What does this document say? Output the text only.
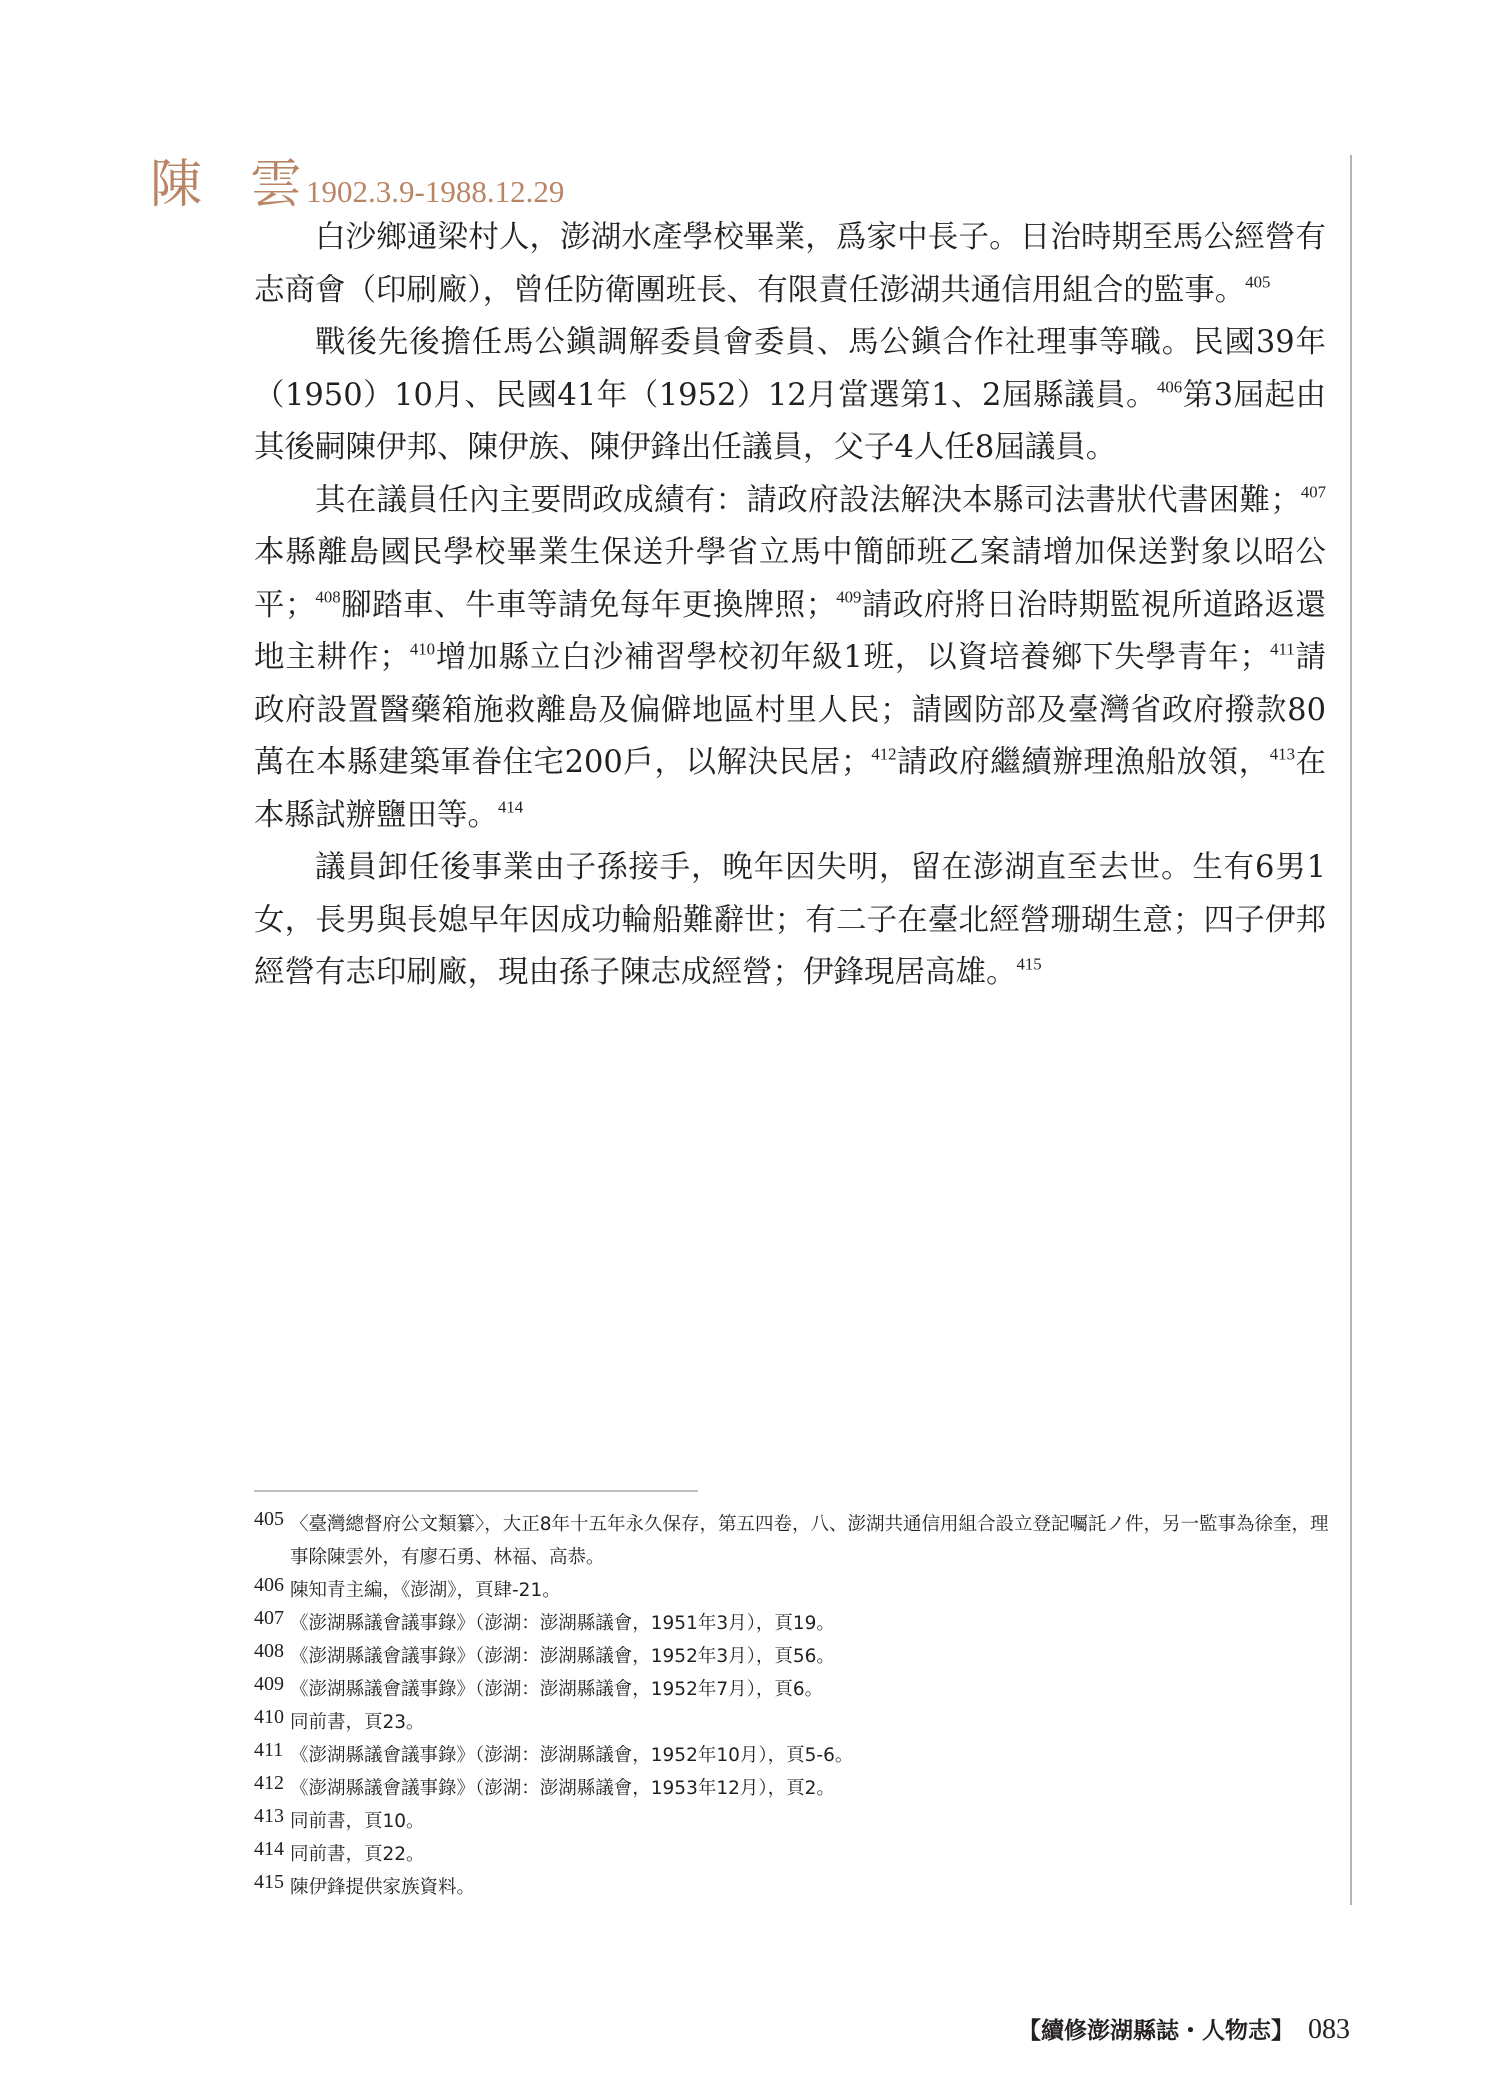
陳 雲 1902.3.9-1988.12.29

白沙鄉通梁村人，澎湖水產學校畢業，爲家中長子。日治時期至馬公經營有志商會（印刷廠），曾任防衛團班長、有限責任澎湖共通信用組合的監事。$^{405}$

戰後先後擔任馬公鎭調解委員會委員、馬公鎭合作社理事等職。民國39年（1950）10月、民國41年（1952）12月當選第1、2屆縣議員。$^{406}$第3屆起由其後嗣陳伊邦、陳伊族、陳伊鋒出任議員，父子4人任8屆議員。

其在議員任內主要問政成績有：請政府設法解決本縣司法書狀代書困難；$^{407}$本縣離島國民學校畢業生保送升學省立馬中簡師班乙案請增加保送對象以昭公平；$^{408}$腳踏車、牛車等請免每年更換牌照；$^{409}$請政府將日治時期監視所道路返還地主耕作；$^{410}$增加縣立白沙補習學校初年級1班，以資培養鄉下失學青年；$^{411}$請政府設置醫藥箱施救離島及偏僻地區村里人民；請國防部及臺灣省政府撥款80萬在本縣建築軍眷住宅200戶，以解決民居；$^{412}$請政府繼續辦理漁船放領，$^{413}$在本縣試辦鹽田等。$^{414}$

議員卸任後事業由子孫接手，晚年因失明，留在澎湖直至去世。生有6男1女，長男與長媳早年因成功輪船難辭世；有二子在臺北經營珊瑚生意；四子伊邦經營有志印刷廠，現由孫子陳志成經營；伊鋒現居高雄。$^{415}$

405 〈臺灣總督府公文類纂〉，大正8年十五年永久保存，第五四卷，八、澎湖共通信用組合設立登記囑託ノ件，另一監事為徐奎，理事除陳雲外，有廖石勇、林福、高恭。
406 陳知青主編，《澎湖》，頁肆-21。
407 《澎湖縣議會議事錄》（澎湖：澎湖縣議會，1951年3月），頁19。
408 《澎湖縣議會議事錄》（澎湖：澎湖縣議會，1952年3月），頁56。
409 《澎湖縣議會議事錄》（澎湖：澎湖縣議會，1952年7月），頁6。
410 同前書，頁23。
411 《澎湖縣議會議事錄》（澎湖：澎湖縣議會，1952年10月），頁5-6。
412 《澎湖縣議會議事錄》（澎湖：澎湖縣議會，1953年12月），頁2。
413 同前書，頁10。
414 同前書，頁22。
415 陳伊鋒提供家族資料。
【續修澎湖縣誌・人物志】 083
